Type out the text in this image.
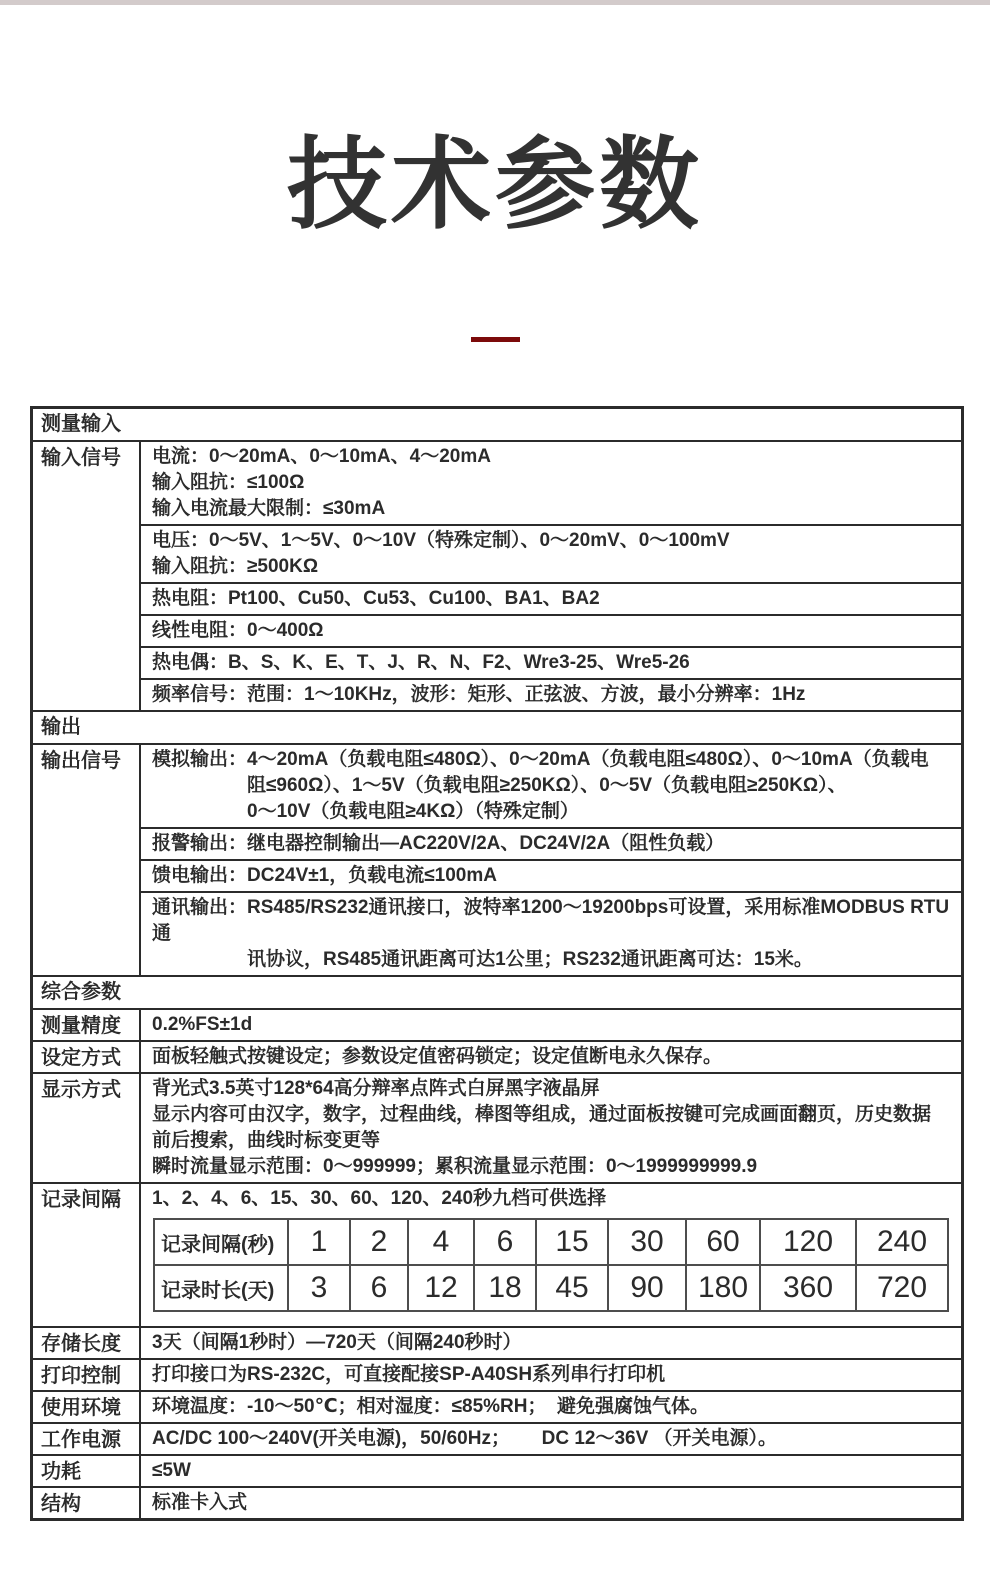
技术参数
测量输入
输入信号	电流：0～20mA、0～10mA、4～20mA
输入阻抗：≤100Ω
输入电流最大限制：≤30mA
电压：0～5V、1～5V、0～10V（特殊定制）、0～20mV、0～100mV
输入阻抗：≥500KΩ
热电阻：Pt100、Cu50、Cu53、Cu100、BA1、BA2
线性电阻：0～400Ω
热电偶：B、S、K、E、T、J、R、N、F2、Wre3-25、Wre5-26
频率信号：范围：1～10KHz，波形：矩形、正弦波、方波，最小分辨率：1Hz
输出
输出信号	模拟输出：4～20mA（负载电阻≤480Ω）、0～20mA（负载电阻≤480Ω）、0～10mA（负载电
阻≤960Ω）、1～5V（负载电阻≥250KΩ）、0～5V（负载电阻≥250KΩ）、
0～10V（负载电阻≥4KΩ）（特殊定制）
报警输出：继电器控制输出—AC220V/2A、DC24V/2A（阻性负载）
馈电输出：DC24V±1，负载电流≤100mA
通讯输出：RS485/RS232通讯接口，波特率1200～19200bps可设置，采用标准MODBUS RTU通
讯协议，RS485通讯距离可达1公里；RS232通讯距离可达：15米。
综合参数
测量精度	0.2%FS±1d
设定方式	面板轻触式按键设定；参数设定值密码锁定；设定值断电永久保存。
显示方式	背光式3.5英寸128*64高分辩率点阵式白屏黑字液晶屏
显示内容可由汉字，数字，过程曲线，棒图等组成，通过面板按键可完成画面翻页，历史数据
前后搜索，曲线时标变更等
瞬时流量显示范围：0～999999；累积流量显示范围：0～1999999999.9
记录间隔	1、2、4、6、15、30、60、120、240秒九档可供选择
记录间隔(秒)	1	2	4	6	15	30	60	120	240
记录时长(天)	3	6	12	18	45	90	180	360	720
存储长度	3天（间隔1秒时）—720天（间隔240秒时）
打印控制	打印接口为RS-232C，可直接配接SP-A40SH系列串行打印机
使用环境	环境温度：-10～50℃；相对湿度：≤85%RH；  避免强腐蚀气体。
工作电源	AC/DC 100～240V(开关电源)，50/60Hz；      DC 12～36V （开关电源）。
功耗	≤5W
结构	标准卡入式
